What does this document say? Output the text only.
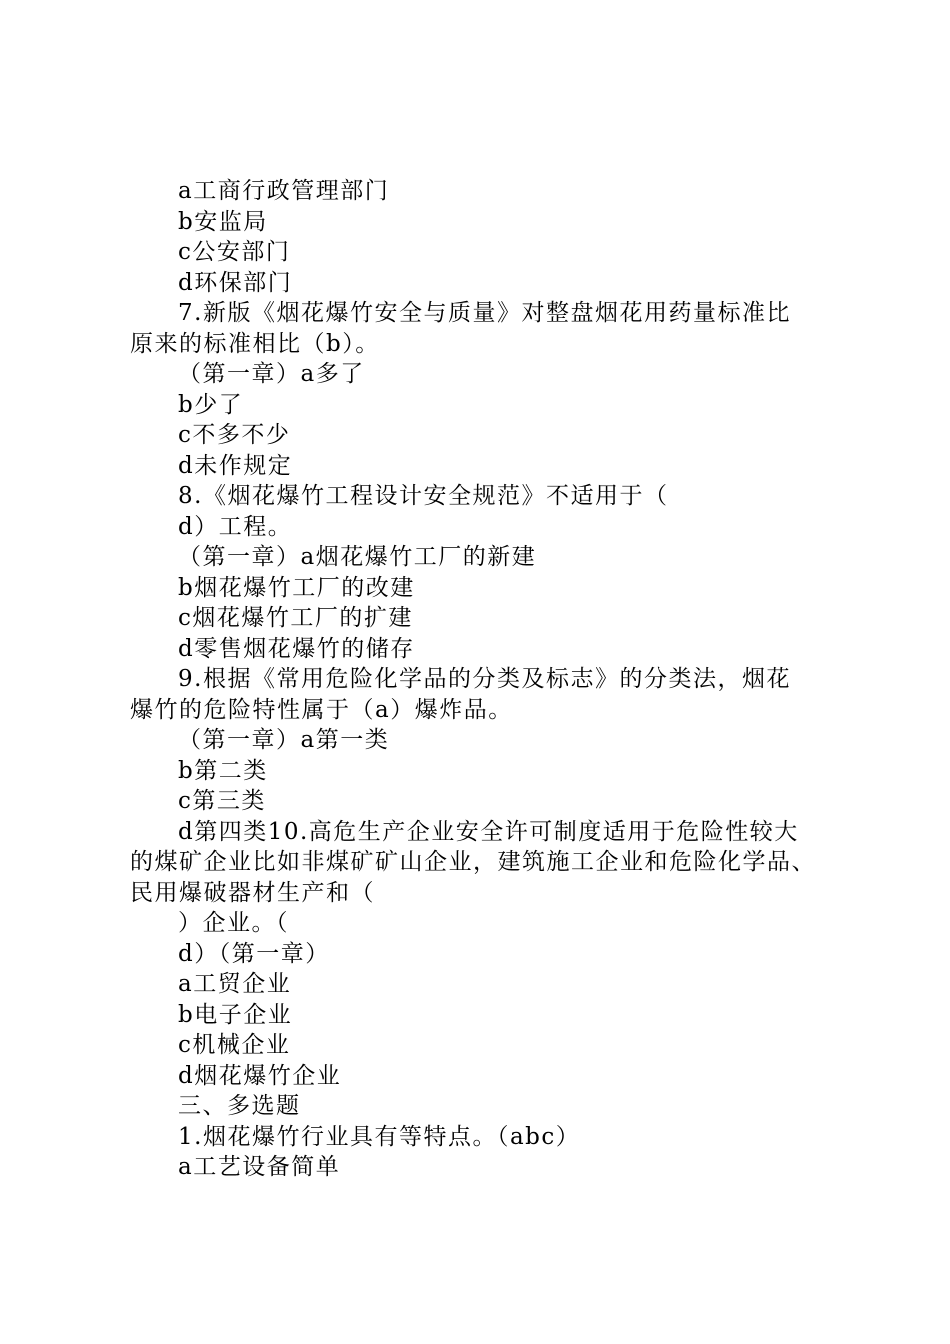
a工商行政管理部门
b安监局
c公安部门
d环保部门
7.新版《烟花爆竹安全与质量》对整盘烟花用药量标准比
原来的标准相比（b）。
（第一章）a多了
b少了
c不多不少
d未作规定
8.《烟花爆竹工程设计安全规范》不适用于（
d）工程。
（第一章）a烟花爆竹工厂的新建
b烟花爆竹工厂的改建
c烟花爆竹工厂的扩建
d零售烟花爆竹的储存
9.根据《常用危险化学品的分类及标志》的分类法，烟花
爆竹的危险特性属于（a）爆炸品。
（第一章）a第一类
b第二类
c第三类
d第四类10.高危生产企业安全许可制度适用于危险性较大
的煤矿企业比如非煤矿矿山企业，建筑施工企业和危险化学品、
民用爆破器材生产和（
）企业。（
d）（第一章）
a工贸企业
b电子企业
c机械企业
d烟花爆竹企业
三、多选题
1.烟花爆竹行业具有等特点。（abc）
a工艺设备简单
